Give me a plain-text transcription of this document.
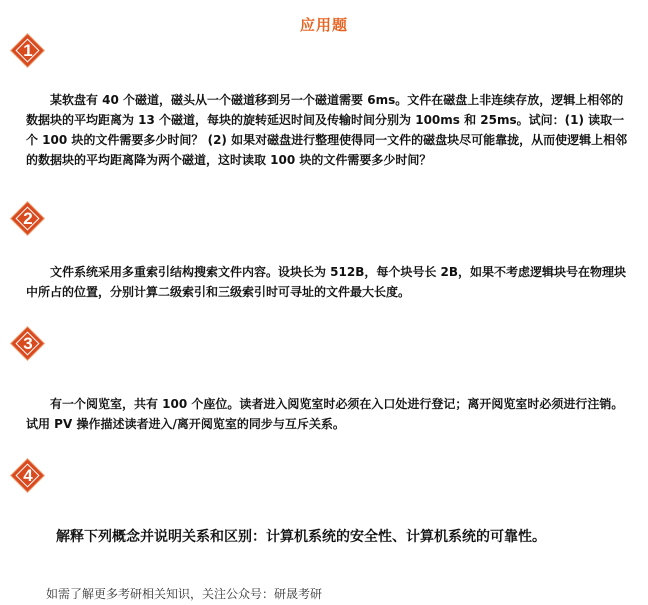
应用题
1
某软盘有 40 个磁道，磁头从一个磁道移到另一个磁道需要 6ms。文件在磁盘上非连续存放，逻辑上相邻的数据块的平均距离为 13 个磁道，每块的旋转延迟时间及传输时间分别为 100ms 和 25ms。试问：(1) 读取一个 100 块的文件需要多少时间？ (2) 如果对磁盘进行整理使得同一文件的磁盘块尽可能靠拢，从而使逻辑上相邻的数据块的平均距离降为两个磁道，这时读取 100 块的文件需要多少时间？
2
文件系统采用多重索引结构搜索文件内容。设块长为 512B，每个块号长 2B，如果不考虑逻辑块号在物理块中所占的位置，分别计算二级索引和三级索引时可寻址的文件最大长度。
3
有一个阅览室，共有 100 个座位。读者进入阅览室时必须在入口处进行登记；离开阅览室时必须进行注销。试用 PV 操作描述读者进入/离开阅览室的同步与互斥关系。
4
解释下列概念并说明关系和区别：计算机系统的安全性、计算机系统的可靠性。
如需了解更多考研相关知识，关注公众号：研晟考研
